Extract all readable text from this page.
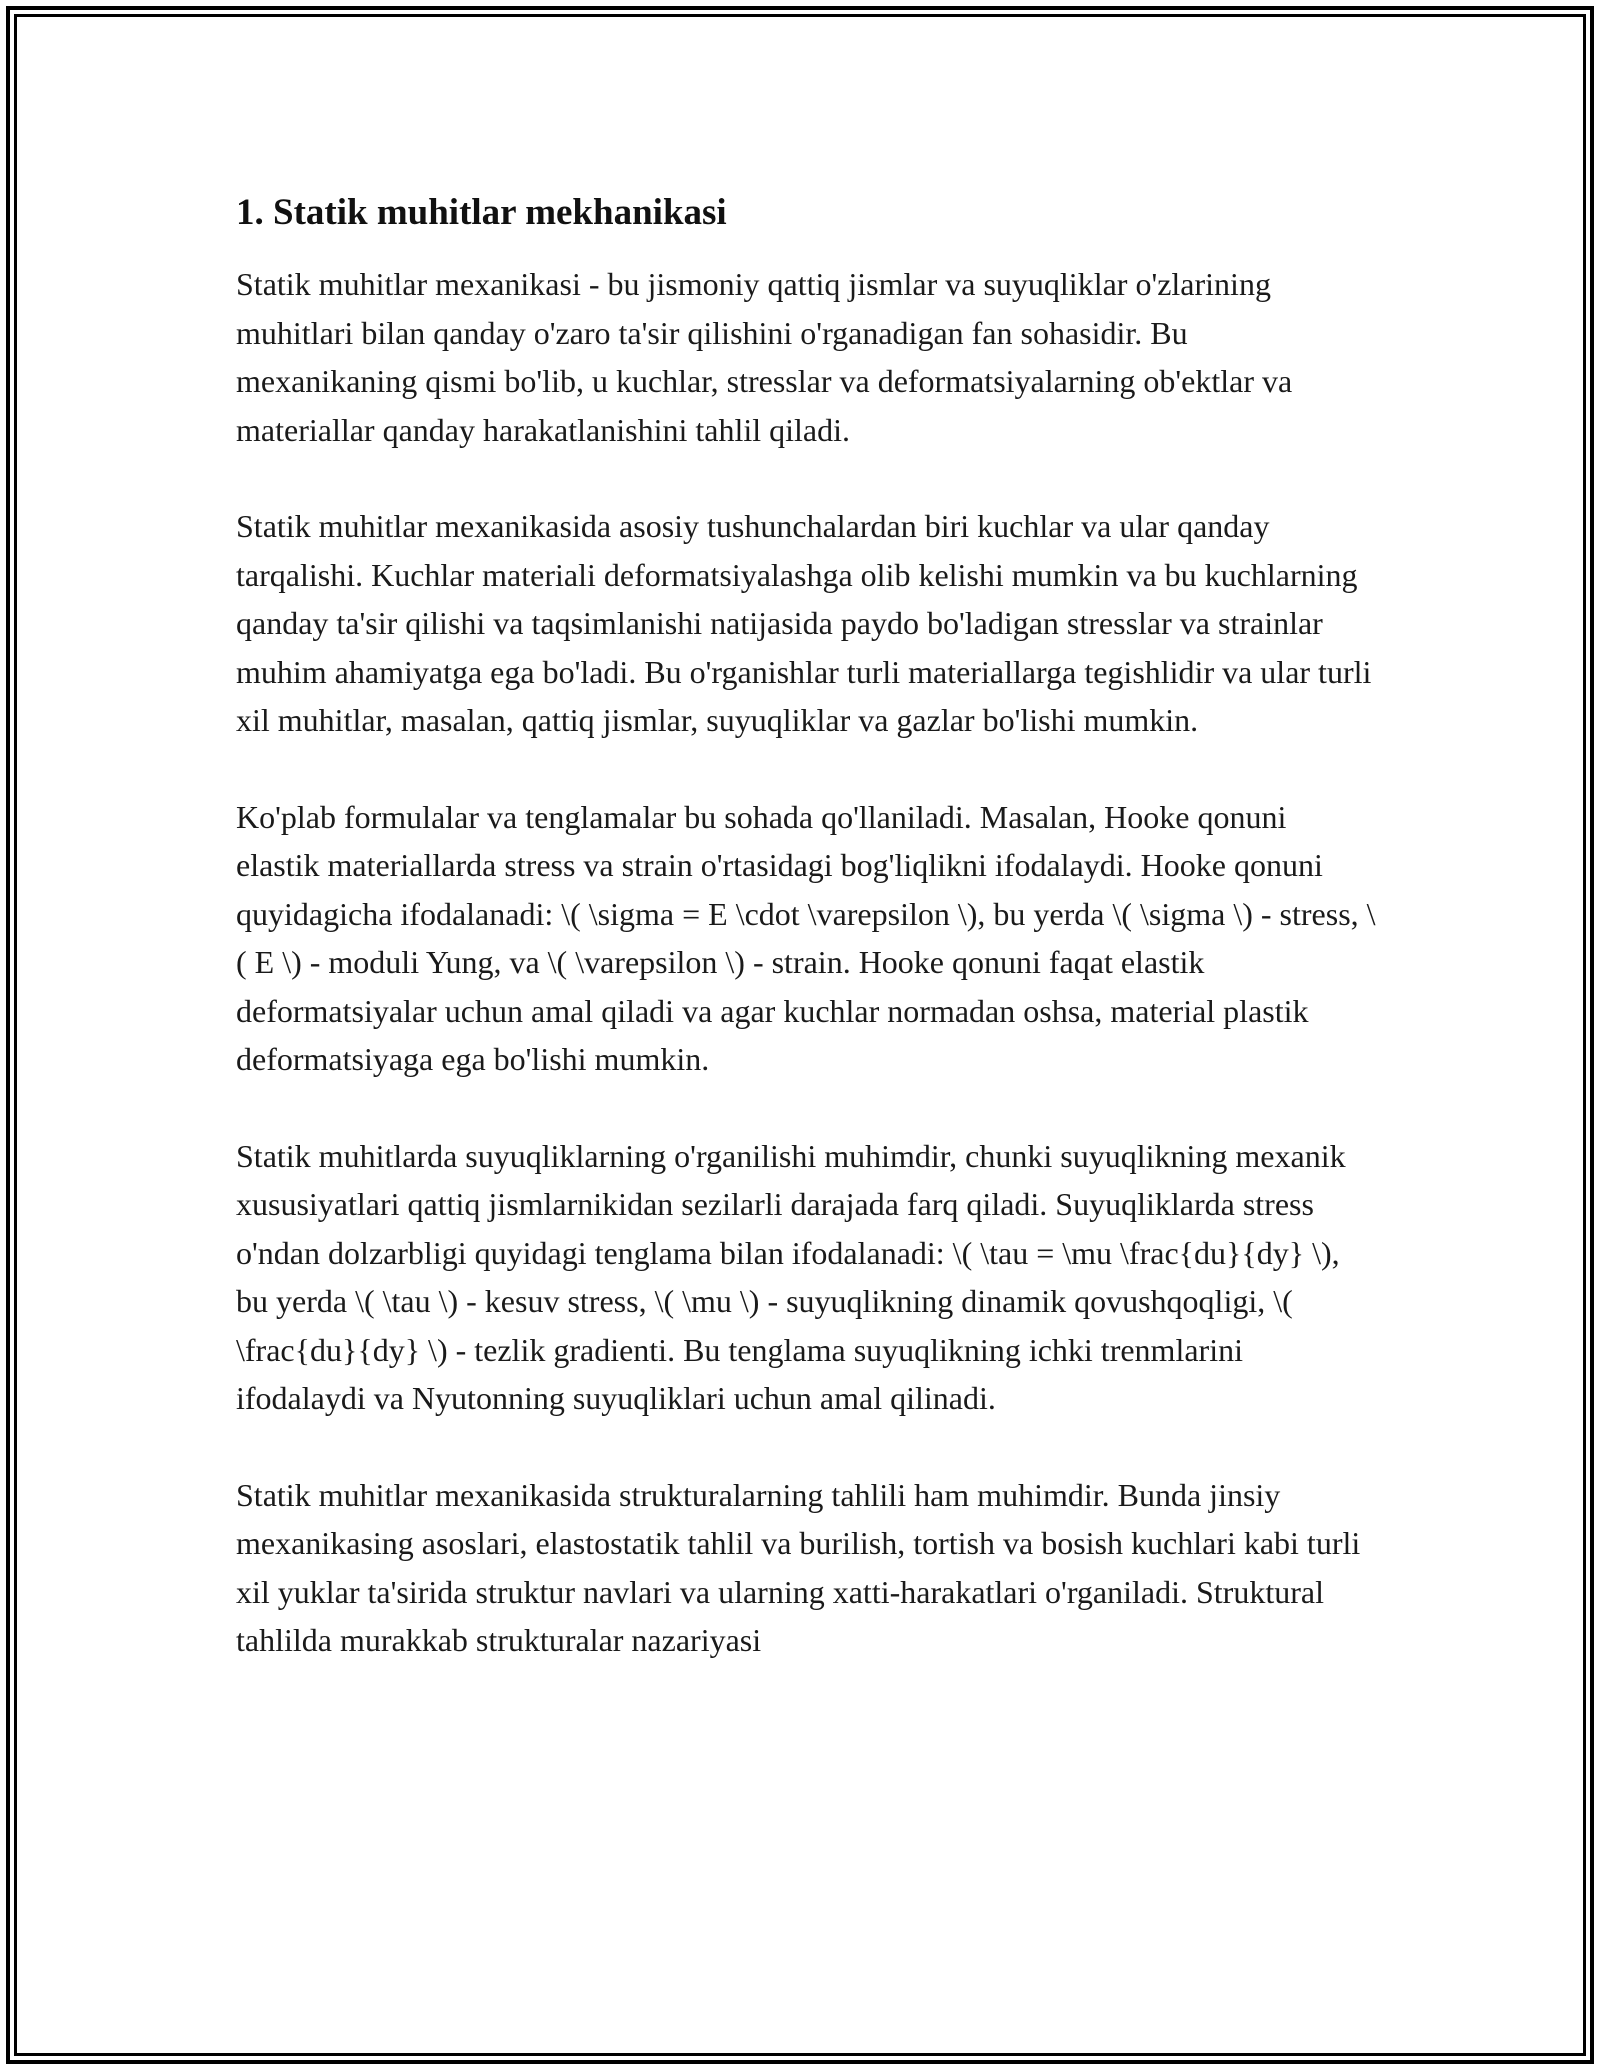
1. Statik muhitlar mekhanikasi

Statik muhitlar mexanikasi - bu jismoniy qattiq jismlar va suyuqliklar o'zlarining muhitlari bilan qanday o'zaro ta'sir qilishini o'rganadigan fan sohasidir. Bu mexanikaning qismi bo'lib, u kuchlar, stresslar va deformatsiyalarning ob'ektlar va materiallar qanday harakatlanishini tahlil qiladi.

Statik muhitlar mexanikasida asosiy tushunchalardan biri kuchlar va ular qanday tarqalishi. Kuchlar materiali deformatsiyalashga olib kelishi mumkin va bu kuchlarning qanday ta'sir qilishi va taqsimlanishi natijasida paydo bo'ladigan stresslar va strainlar muhim ahamiyatga ega bo'ladi. Bu o'rganishlar turli materiallarga tegishlidir va ular turli xil muhitlar, masalan, qattiq jismlar, suyuqliklar va gazlar bo'lishi mumkin.

Ko'plab formulalar va tenglamalar bu sohada qo'llaniladi. Masalan, Hooke qonuni elastik materiallarda stress va strain o'rtasidagi bog'liqlikni ifodalaydi. Hooke qonuni quyidagicha ifodalanadi: \( \sigma = E \cdot \varepsilon \), bu yerda \( \sigma \) - stress, \( E \) - moduli Yung, va \( \varepsilon \) - strain. Hooke qonuni faqat elastik deformatsiyalar uchun amal qiladi va agar kuchlar normadan oshsa, material plastik deformatsiyaga ega bo'lishi mumkin.

Statik muhitlarda suyuqliklarning o'rganilishi muhimdir, chunki suyuqlikning mexanik xususiyatlari qattiq jismlarnikidan sezilarli darajada farq qiladi. Suyuqliklarda stress o'ndan dolzarbligi quyidagi tenglama bilan ifodalanadi: \( \tau = \mu \frac{du}{dy} \), bu yerda \( \tau \) - kesuv stress, \( \mu \) - suyuqlikning dinamik qovushqoqligi, \( \frac{du}{dy} \) - tezlik gradienti. Bu tenglama suyuqlikning ichki trenmlarini ifodalaydi va Nyutonning suyuqliklari uchun amal qilinadi.

Statik muhitlar mexanikasida strukturalarning tahlili ham muhimdir. Bunda jinsiy mexanikasing asoslari, elastostatik tahlil va burilish, tortish va bosish kuchlari kabi turli xil yuklar ta'sirida struktur navlari va ularning xatti-harakatlari o'rganiladi. Struktural tahlilda murakkab strukturalar nazariyasi
